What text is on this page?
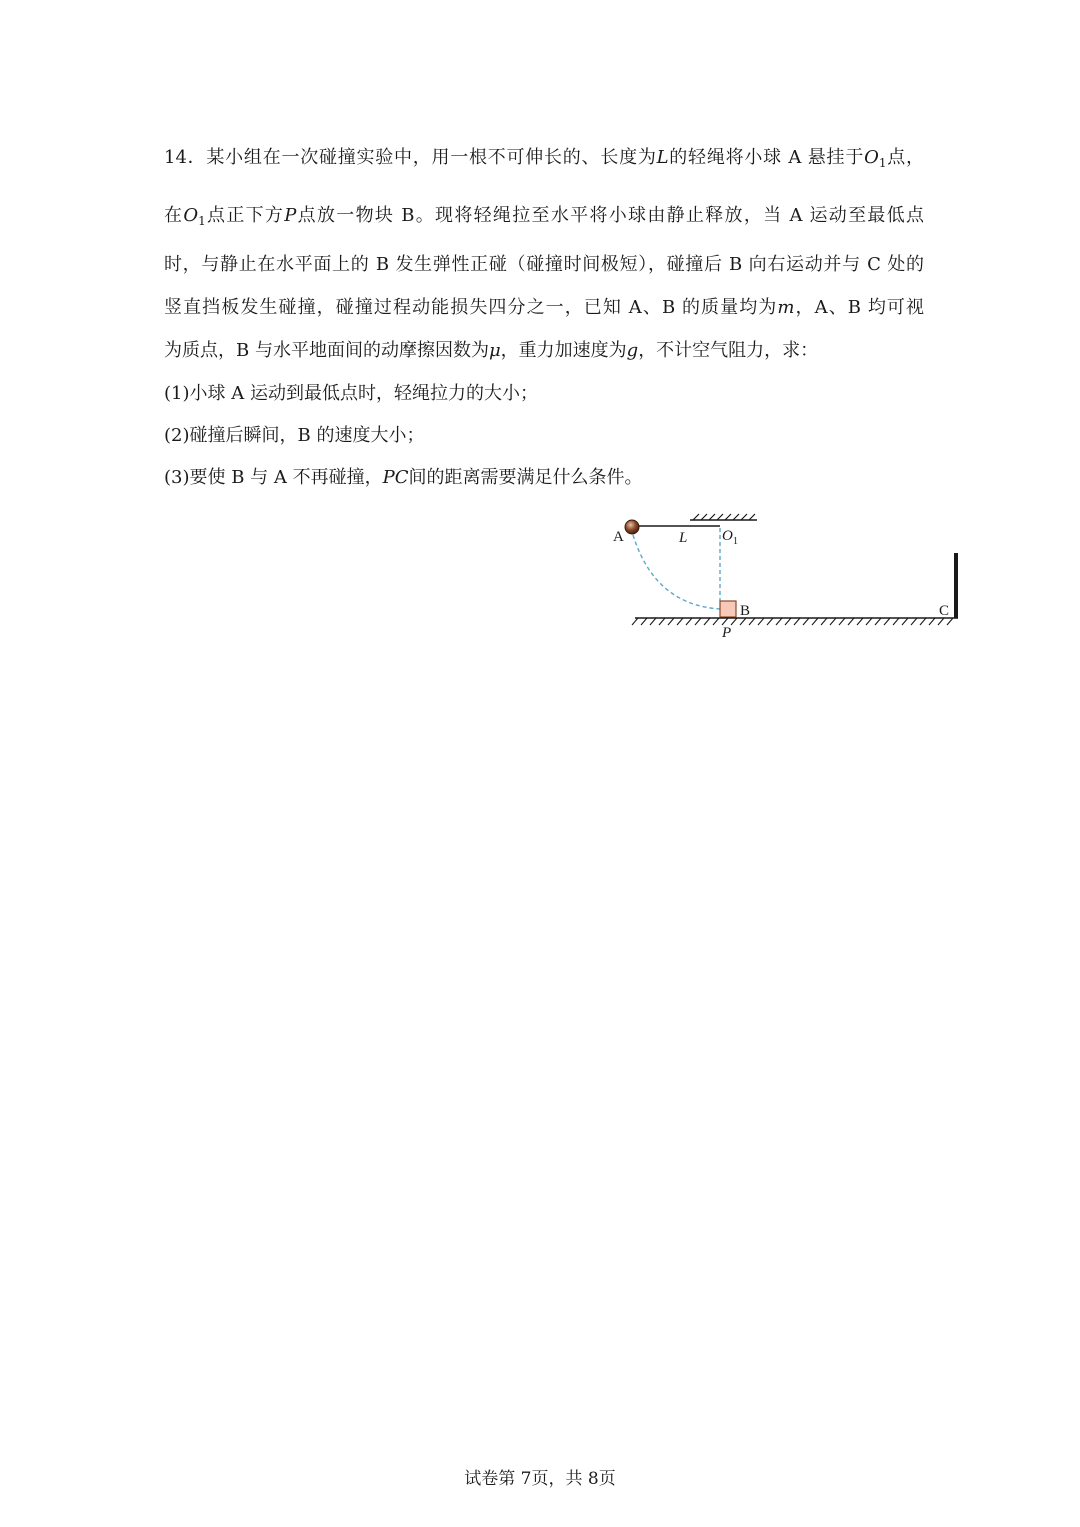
14．某小组在一次碰撞实验中，用一根不可伸长的、长度为L的轻绳将小球 A 悬挂于$O_1$点，
在$O_1$点正下方P点放一物块 B。现将轻绳拉至水平将小球由静止释放，当 A 运动至最低点
时，与静止在水平面上的 B 发生弹性正碰（碰撞时间极短），碰撞后 B 向右运动并与 C 处的
竖直挡板发生碰撞，碰撞过程动能损失四分之一，已知 A、B 的质量均为m，A、B 均可视
为质点，B 与水平地面间的动摩擦因数为μ，重力加速度为g，不计空气阻力，求：
(1)小球 A 运动到最低点时，轻绳拉力的大小；
(2)碰撞后瞬间，B 的速度大小；
(3)要使 B 与 A 不再碰撞，PC间的距离需要满足什么条件。
A	L O 1
B
P
C
试卷第 7页，共 8页
